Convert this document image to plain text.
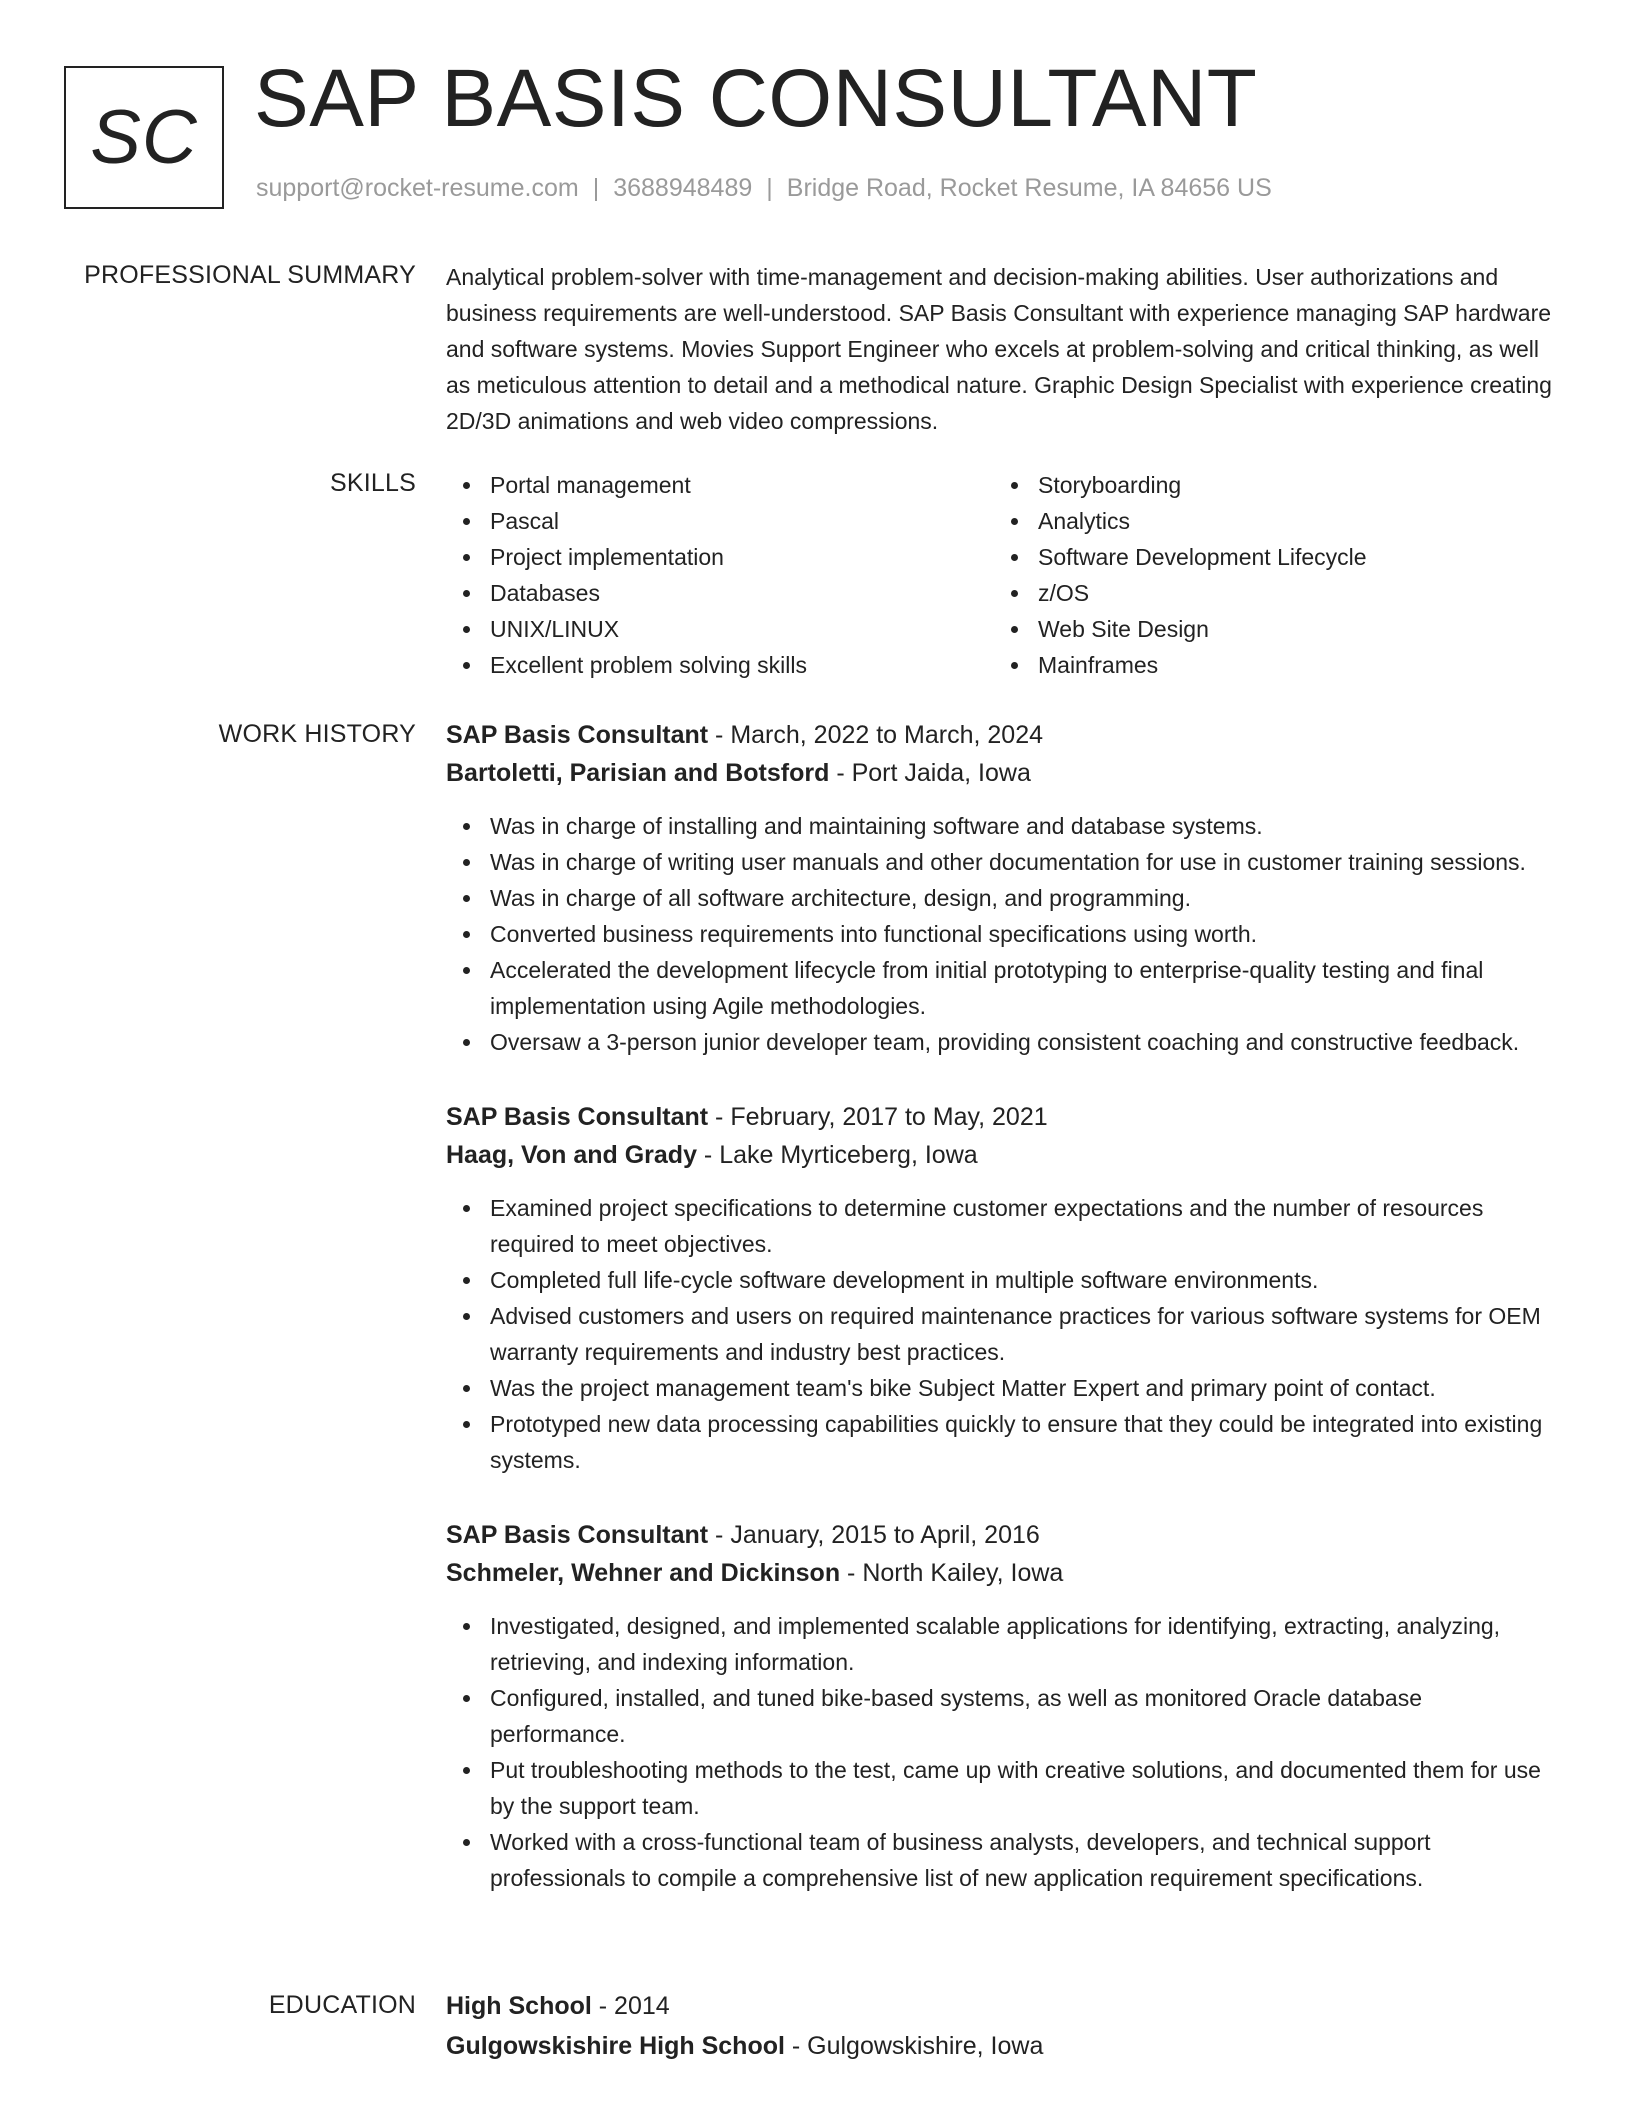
SC SAP BASIS CONSULTANT
support@rocket-resume.com | 3688948489 | Bridge Road, Rocket Resume, IA 84656 US
PROFESSIONAL SUMMARY Analytical problem-solver with time-management and decision-making abilities. User authorizations and business requirements are well-understood. SAP Basis Consultant with experience managing SAP hardware and software systems. Movies Support Engineer who excels at problem-solving and critical thinking, as well as meticulous attention to detail and a methodical nature. Graphic Design Specialist with experience creating 2D/3D animations and web video compressions.

SKILLS	Portal management
Pascal
Project implementation
Databases
UNIX/LINUX
Excellent problem solving skills
Storyboarding
Analytics
Software Development Lifecycle
z/OS
Web Site Design
Mainframes
WORK HISTORY SAP Basis Consultant - March, 2022 to March, 2024
Bartoletti, Parisian and Botsford - Port Jaida, Iowa
Was in charge of installing and maintaining software and database systems.
Was in charge of writing user manuals and other documentation for use in customer training sessions.
Was in charge of all software architecture, design, and programming.
Converted business requirements into functional specifications using worth.
Accelerated the development lifecycle from initial prototyping to enterprise-quality testing and final implementation using Agile methodologies.
Oversaw a 3-person junior developer team, providing consistent coaching and constructive feedback.
SAP Basis Consultant - February, 2017 to May, 2021
Haag, Von and Grady - Lake Myrticeberg, Iowa
Examined project specifications to determine customer expectations and the number of resources required to meet objectives.
Completed full life-cycle software development in multiple software environments.
Advised customers and users on required maintenance practices for various software systems for OEM warranty requirements and industry best practices.
Was the project management team's bike Subject Matter Expert and primary point of contact.
Prototyped new data processing capabilities quickly to ensure that they could be integrated into existing systems.
SAP Basis Consultant - January, 2015 to April, 2016
Schmeler, Wehner and Dickinson - North Kailey, Iowa
Investigated, designed, and implemented scalable applications for identifying, extracting, analyzing, retrieving, and indexing information.
Configured, installed, and tuned bike-based systems, as well as monitored Oracle database performance.
Put troubleshooting methods to the test, came up with creative solutions, and documented them for use by the support team.
Worked with a cross-functional team of business analysts, developers, and technical support professionals to compile a comprehensive list of new application requirement specifications.
EDUCATION High School - 2014
Gulgowskishire High School - Gulgowskishire, Iowa
